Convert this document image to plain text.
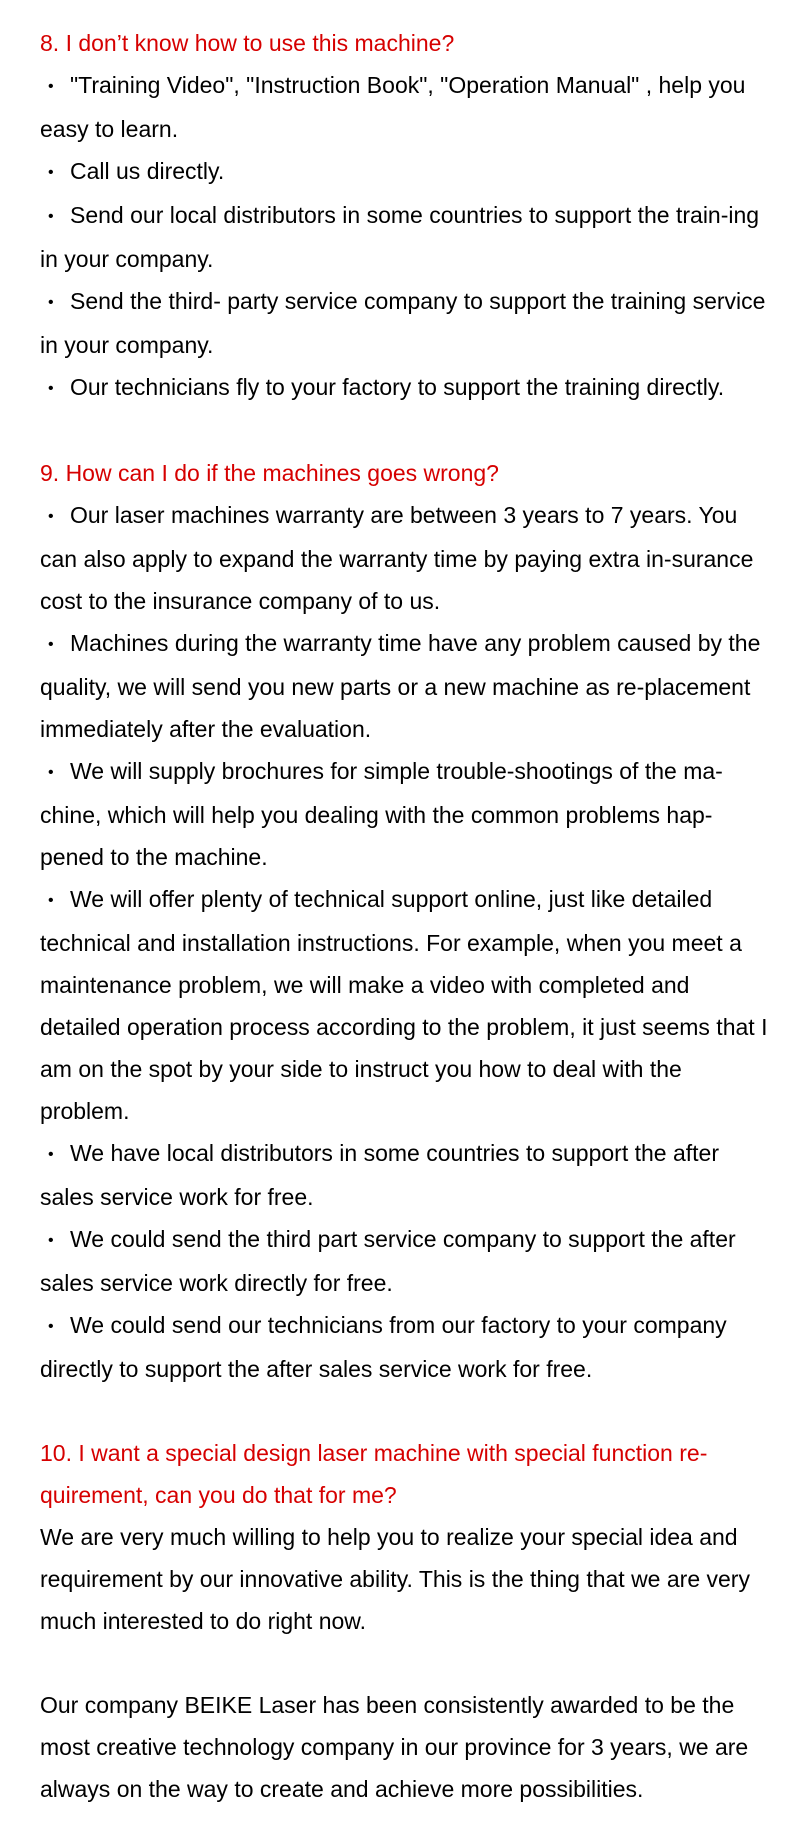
8. I don’t know how to use this machine?

• "Training Video", "Instruction Book", "Operation Manual" , help you easy to learn.

• Call us directly.

• Send our local distributors in some countries to support the train-ing in your company.

• Send the third- party service company to support the training service in your company.

• Our technicians fly to your factory to support the training directly.

9. How can I do if the machines goes wrong?

• Our laser machines warranty are between 3 years to 7 years. You can also apply to expand the warranty time by paying extra in-surance cost to the insurance company of to us.

• Machines during the warranty time have any problem caused by the quality, we will send you new parts or a new machine as re-placement immediately after the evaluation.

• We will supply brochures for simple trouble-shootings of the ma-chine, which will help you dealing with the common problems hap-pened to the machine.

• We will offer plenty of technical support online, just like detailed technical and installation instructions. For example, when you meet a maintenance problem, we will make a video with completed and detailed operation process according to the problem, it just seems that I am on the spot by your side to instruct you how to deal with the problem.

• We have local distributors in some countries to support the after sales service work for free.

• We could send the third part service company to support the after sales service work directly for free.

• We could send our technicians from our factory to your company directly to support the after sales service work for free.

10. I want a special design laser machine with special function re-quirement, can you do that for me?

We are very much willing to help you to realize your special idea and requirement by our innovative ability. This is the thing that we are very much interested to do right now.

Our company BEIKE Laser has been consistently awarded to be the most creative technology company in our province for 3 years, we are always on the way to create and achieve more possibilities.
